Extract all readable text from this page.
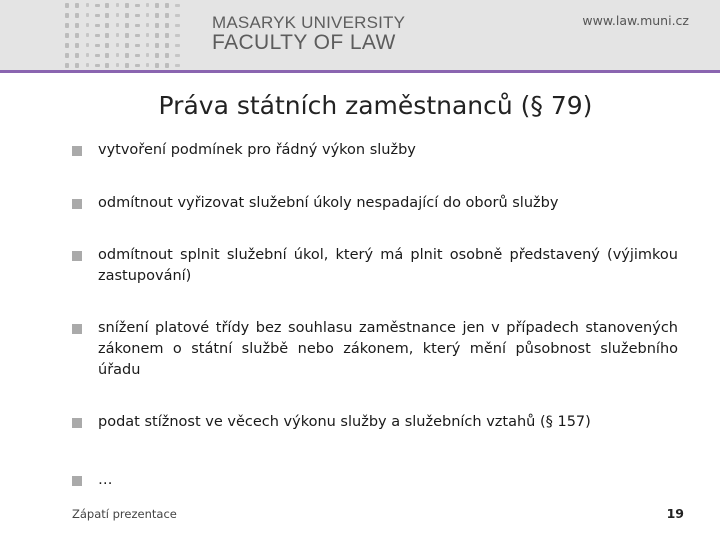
MASARYK UNIVERSITY
FACULTY OF LAW
www.law.muni.cz
Práva státních zaměstnanců (§ 79)
vytvoření podmínek pro řádný výkon služby
odmítnout vyřizovat služební úkoly nespadající do oborů služby
odmítnout splnit služební úkol, který má plnit osobně představený (výjimkou zastupování)
snížení platové třídy bez souhlasu zaměstnance jen v případech stanovených zákonem o státní službě nebo zákonem, který mění působnost služebního úřadu
podat stížnost ve věcech výkonu služby a služebních vztahů (§ 157)
…
Zápatí prezentace	19
